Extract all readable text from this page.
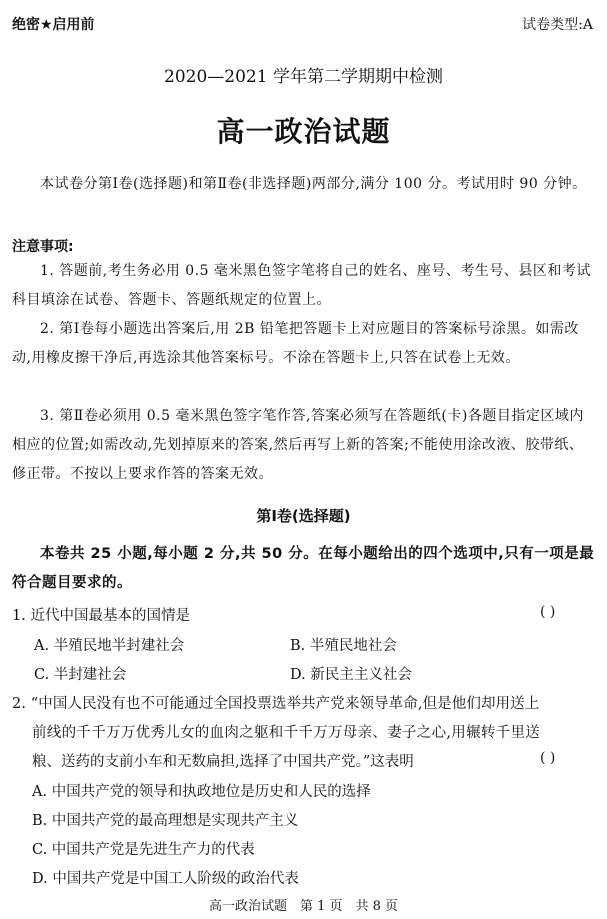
绝密★启用前	试卷类型:A
2020—2021 学年第二学期期中检测
高一政治试题
本试卷分第Ⅰ卷(选择题)和第Ⅱ卷(非选择题)两部分,满分 100 分。考试用时 90 分钟。
注意事项:
1. 答题前,考生务必用 0.5 毫米黑色签字笔将自己的姓名、座号、考生号、县区和考试科目填涂在试卷、答题卡、答题纸规定的位置上。
2. 第Ⅰ卷每小题选出答案后,用 2B 铅笔把答题卡上对应题目的答案标号涂黑。如需改动,用橡皮擦干净后,再选涂其他答案标号。不涂在答题卡上,只答在试卷上无效。
3. 第Ⅱ卷必须用 0.5 毫米黑色签字笔作答,答案必须写在答题纸(卡)各题目指定区域内相应的位置;如需改动,先划掉原来的答案,然后再写上新的答案;不能使用涂改液、胶带纸、修正带。不按以上要求作答的答案无效。
第Ⅰ卷(选择题)
本卷共 25 小题,每小题 2 分,共 50 分。在每小题给出的四个选项中,只有一项是最符合题目要求的。
1. 近代中国最基本的国情是	( )
A. 半殖民地半封建社会	B. 半殖民地社会
C. 半封建社会	D. 新民主主义社会
2. “中国人民没有也不可能通过全国投票选举共产党来领导革命,但是他们却用送上
前线的千千万万优秀儿女的血肉之躯和千千万万母亲、妻子之心,用辗转千里送
粮、送药的支前小车和无数扁担,选择了中国共产党。”这表明	( )
A. 中国共产党的领导和执政地位是历史和人民的选择
B. 中国共产党的最高理想是实现共产主义
C. 中国共产党是先进生产力的代表
D. 中国共产党是中国工人阶级的政治代表
高一政治试题　第 1 页　共 8 页
